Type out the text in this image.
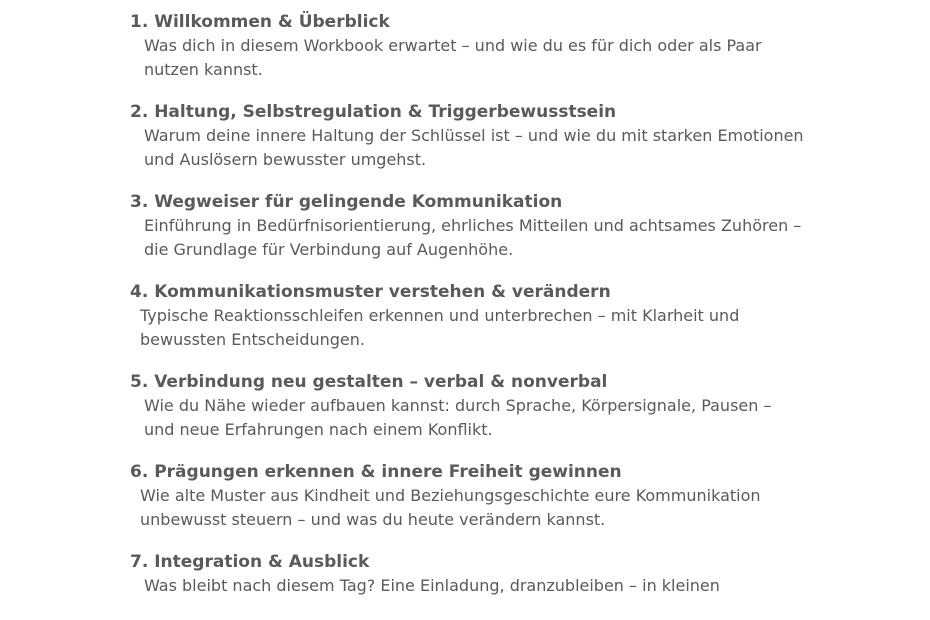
1. Willkommen & Überblick
Was dich in diesem Workbook erwartet – und wie du es für dich oder als Paar nutzen kannst.
2. Haltung, Selbstregulation & Triggerbewusstsein
Warum deine innere Haltung der Schlüssel ist – und wie du mit starken Emotionen und Auslösern bewusster umgehst.
3. Wegweiser für gelingende Kommunikation
Einführung in Bedürfnisorientierung, ehrliches Mitteilen und achtsames Zuhören – die Grundlage für Verbindung auf Augenhöhe.
4. Kommunikationsmuster verstehen & verändern
Typische Reaktionsschleifen erkennen und unterbrechen – mit Klarheit und bewussten Entscheidungen.
5. Verbindung neu gestalten – verbal & nonverbal
Wie du Nähe wieder aufbauen kannst: durch Sprache, Körpersignale, Pausen – und neue Erfahrungen nach einem Konflikt.
6. Prägungen erkennen & innere Freiheit gewinnen
Wie alte Muster aus Kindheit und Beziehungsgeschichte eure Kommunikation unbewusst steuern – und was du heute verändern kannst.
7. Integration & Ausblick
Was bleibt nach diesem Tag? Eine Einladung, dranzubleiben – in kleinen
